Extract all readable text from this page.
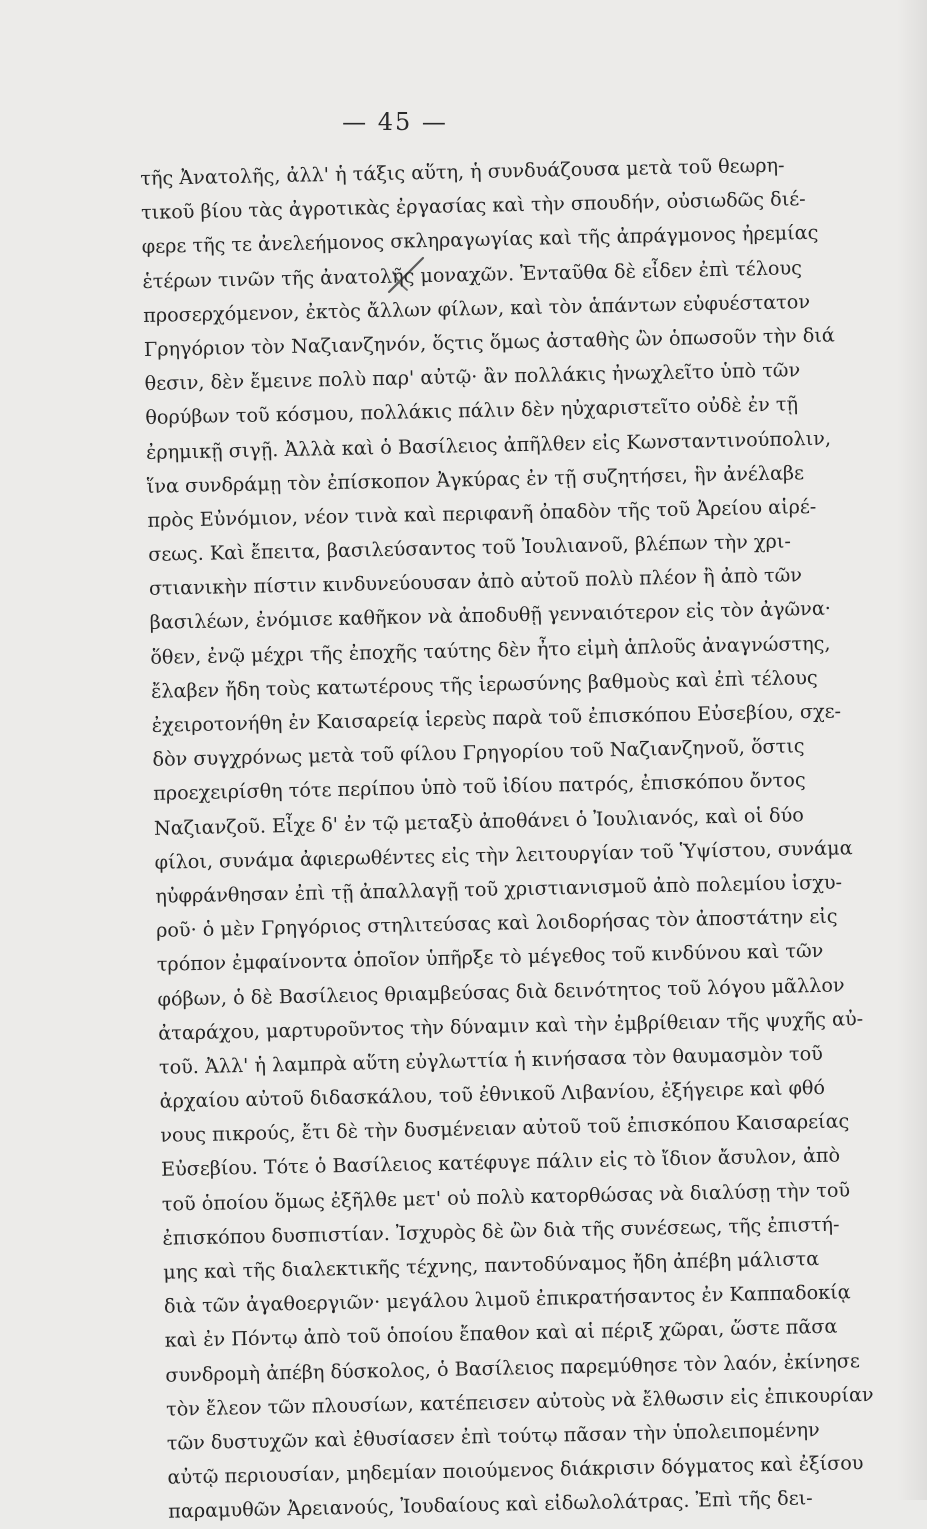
— 45 —
τῆς Ἀνατολῆς, ἀλλ' ἡ τάξις αὕτη, ἡ συνδυάζουσα μετὰ τοῦ θεωρη-
τικοῦ βίου τὰς ἀγροτικὰς ἐργασίας καὶ τὴν σπουδήν, οὐσιωδῶς διέ-
φερε τῆς τε ἀνελεήμονος σκληραγωγίας καὶ τῆς ἀπράγμονος ἠρεμίας
ἑτέρων τινῶν τῆς ἀνατολῆς μοναχῶν. Ἐνταῦθα δὲ εἶδεν ἐπὶ τέλους
προσερχόμενον, ἐκτὸς ἄλλων φίλων, καὶ τὸν ἁπάντων εὐφυέστατον
Γρηγόριον τὸν Ναζιανζηνόν, ὅςτις ὅμως ἀσταθὴς ὢν ὁπωσοῦν τὴν διά
θεσιν, δὲν ἔμεινε πολὺ παρ' αὐτῷ· ἂν πολλάκις ἠνωχλεῖτο ὑπὸ τῶν
θορύβων τοῦ κόσμου, πολλάκις πάλιν δὲν ηὐχαριστεῖτο οὐδὲ ἐν τῇ
ἐρημικῇ σιγῇ. Ἀλλὰ καὶ ὁ Βασίλειος ἀπῆλθεν εἰς Κωνσταντινούπολιν,
ἵνα συνδράμῃ τὸν ἐπίσκοπον Ἀγκύρας ἐν τῇ συζητήσει, ἣν ἀνέλαβε
πρὸς Εὐνόμιον, νέον τινὰ καὶ περιφανῆ ὀπαδὸν τῆς τοῦ Ἀρείου αἱρέ-
σεως. Καὶ ἔπειτα, βασιλεύσαντος τοῦ Ἰουλιανοῦ, βλέπων τὴν χρι-
στιανικὴν πίστιν κινδυνεύουσαν ἀπὸ αὐτοῦ πολὺ πλέον ἢ ἀπὸ τῶν
βασιλέων, ἐνόμισε καθῆκον νὰ ἀποδυθῇ γενναιότερον εἰς τὸν ἀγῶνα·
ὅθεν, ἐνῷ μέχρι τῆς ἐποχῆς ταύτης δὲν ἦτο εἰμὴ ἁπλοῦς ἀναγνώστης,
ἔλαβεν ἤδη τοὺς κατωτέρους τῆς ἱερωσύνης βαθμοὺς καὶ ἐπὶ τέλους
ἐχειροτονήθη ἐν Καισαρείᾳ ἱερεὺς παρὰ τοῦ ἐπισκόπου Εὐσεβίου, σχε-
δὸν συγχρόνως μετὰ τοῦ φίλου Γρηγορίου τοῦ Ναζιανζηνοῦ, ὅστις
προεχειρίσθη τότε περίπου ὑπὸ τοῦ ἰδίου πατρός, ἐπισκόπου ὄντος
Ναζιανζοῦ. Εἶχε δ' ἐν τῷ μεταξὺ ἀποθάνει ὁ Ἰουλιανός, καὶ οἱ δύο
φίλοι, συνάμα ἀφιερωθέντες εἰς τὴν λειτουργίαν τοῦ Ὑψίστου, συνάμα
ηὐφράνθησαν ἐπὶ τῇ ἀπαλλαγῇ τοῦ χριστιανισμοῦ ἀπὸ πολεμίου ἰσχυ-
ροῦ· ὁ μὲν Γρηγόριος στηλιτεύσας καὶ λοιδορήσας τὸν ἀποστάτην εἰς
τρόπον ἐμφαίνοντα ὁποῖον ὑπῆρξε τὸ μέγεθος τοῦ κινδύνου καὶ τῶν
φόβων, ὁ δὲ Βασίλειος θριαμβεύσας διὰ δεινότητος τοῦ λόγου μᾶλλον
ἀταράχου, μαρτυροῦντος τὴν δύναμιν καὶ τὴν ἐμβρίθειαν τῆς ψυχῆς αὐ-
τοῦ. Ἀλλ' ἡ λαμπρὰ αὕτη εὐγλωττία ἡ κινήσασα τὸν θαυμασμὸν τοῦ
ἀρχαίου αὐτοῦ διδασκάλου, τοῦ ἐθνικοῦ Λιβανίου, ἐξήγειρε καὶ φθό
νους πικρούς, ἔτι δὲ τὴν δυσμένειαν αὐτοῦ τοῦ ἐπισκόπου Καισαρείας
Εὐσεβίου. Τότε ὁ Βασίλειος κατέφυγε πάλιν εἰς τὸ ἴδιον ἄσυλον, ἀπὸ
τοῦ ὁποίου ὅμως ἐξῆλθε μετ' οὐ πολὺ κατορθώσας νὰ διαλύσῃ τὴν τοῦ
ἐπισκόπου δυσπιστίαν. Ἰσχυρὸς δὲ ὢν διὰ τῆς συνέσεως, τῆς ἐπιστή-
μης καὶ τῆς διαλεκτικῆς τέχνης, παντοδύναμος ἤδη ἀπέβη μάλιστα
διὰ τῶν ἀγαθοεργιῶν· μεγάλου λιμοῦ ἐπικρατήσαντος ἐν Καππαδοκίᾳ
καὶ ἐν Πόντῳ ἀπὸ τοῦ ὁποίου ἔπαθον καὶ αἱ πέριξ χῶραι, ὥστε πᾶσα
συνδρομὴ ἀπέβη δύσκολος, ὁ Βασίλειος παρεμύθησε τὸν λαόν, ἐκίνησε
τὸν ἔλεον τῶν πλουσίων, κατέπεισεν αὐτοὺς νὰ ἔλθωσιν εἰς ἐπικουρίαν
τῶν δυστυχῶν καὶ ἐθυσίασεν ἐπὶ τούτῳ πᾶσαν τὴν ὑπολειπομένην
αὐτῷ περιουσίαν, μηδεμίαν ποιούμενος διάκρισιν δόγματος καὶ ἐξίσου
παραμυθῶν Ἀρειανούς, Ἰουδαίους καὶ εἰδωλολάτρας. Ἐπὶ τῆς δει-
